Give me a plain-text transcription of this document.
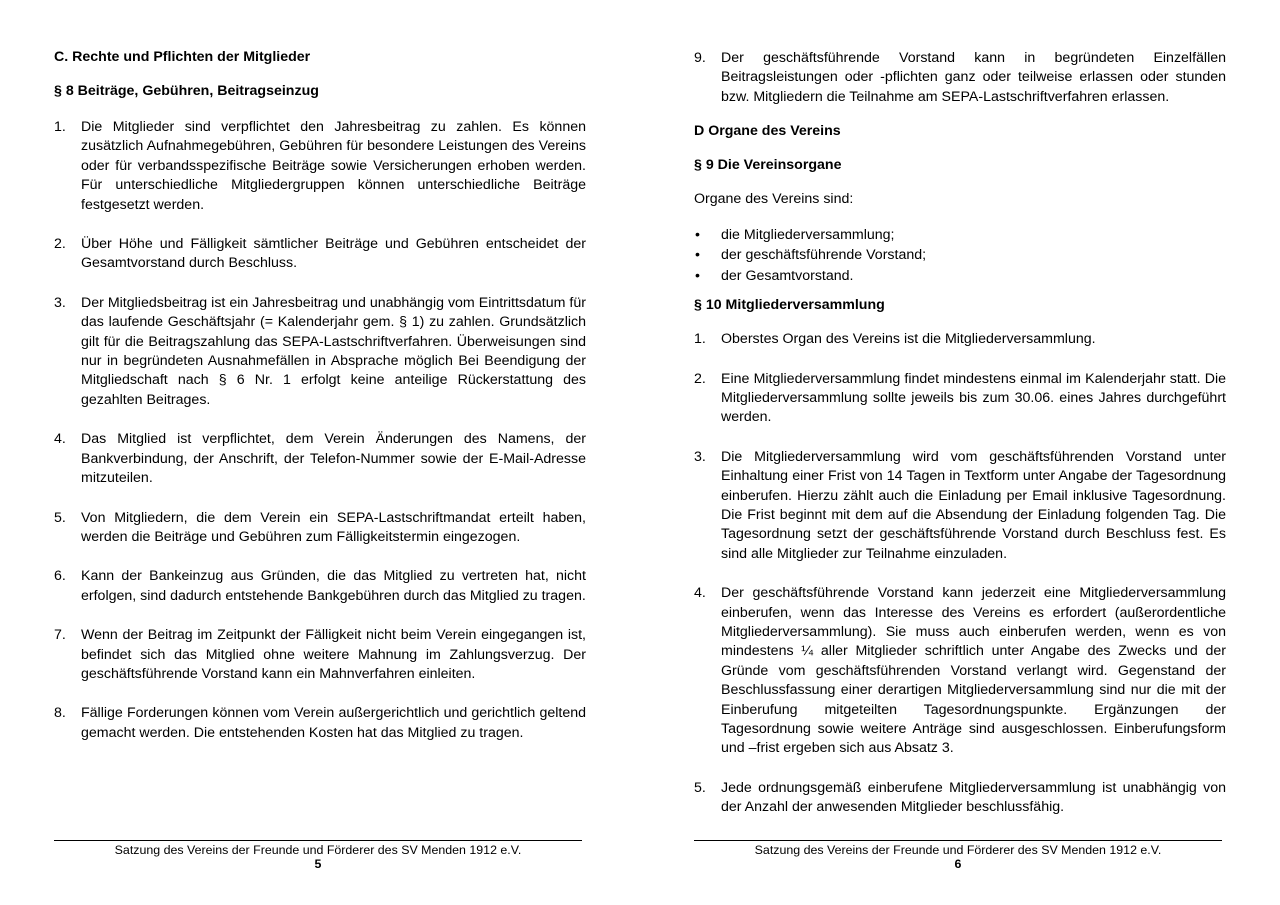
C. Rechte und Pflichten der Mitglieder
§ 8 Beiträge, Gebühren, Beitragseinzug
1. Die Mitglieder sind verpflichtet den Jahresbeitrag zu zahlen. Es können zusätzlich Aufnahmegebühren, Gebühren für besondere Leistungen des Vereins oder für verbandsspezifische Beiträge sowie Versicherungen erhoben werden. Für unterschiedliche Mitgliedergruppen können unterschiedliche Beiträge festgesetzt werden.
2. Über Höhe und Fälligkeit sämtlicher Beiträge und Gebühren entscheidet der Gesamtvorstand durch Beschluss.
3. Der Mitgliedsbeitrag ist ein Jahresbeitrag und unabhängig vom Eintrittsdatum für das laufende Geschäftsjahr (= Kalenderjahr gem. § 1) zu zahlen. Grundsätzlich gilt für die Beitragszahlung das SEPA-Lastschriftverfahren. Überweisungen sind nur in begründeten Ausnahmefällen in Absprache möglich Bei Beendigung der Mitgliedschaft nach § 6 Nr. 1 erfolgt keine anteilige Rückerstattung des gezahlten Beitrages.
4. Das Mitglied ist verpflichtet, dem Verein Änderungen des Namens, der Bankverbindung, der Anschrift, der Telefon-Nummer sowie der E-Mail-Adresse mitzuteilen.
5. Von Mitgliedern, die dem Verein ein SEPA-Lastschriftmandat erteilt haben, werden die Beiträge und Gebühren zum Fälligkeitstermin eingezogen.
6. Kann der Bankeinzug aus Gründen, die das Mitglied zu vertreten hat, nicht erfolgen, sind dadurch entstehende Bankgebühren durch das Mitglied zu tragen.
7. Wenn der Beitrag im Zeitpunkt der Fälligkeit nicht beim Verein eingegangen ist, befindet sich das Mitglied ohne weitere Mahnung im Zahlungsverzug. Der geschäftsführende Vorstand kann ein Mahnverfahren einleiten.
8. Fällige Forderungen können vom Verein außergerichtlich und gerichtlich geltend gemacht werden. Die entstehenden Kosten hat das Mitglied zu tragen.
Satzung des Vereins der Freunde und Förderer des SV Menden 1912 e.V.
5
9. Der geschäftsführende Vorstand kann in begründeten Einzelfällen Beitragsleistungen oder -pflichten ganz oder teilweise erlassen oder stunden bzw. Mitgliedern die Teilnahme am SEPA-Lastschriftverfahren erlassen.
D Organe des Vereins
§ 9 Die Vereinsorgane
Organe des Vereins sind:
• die Mitgliederversammlung;
• der geschäftsführende Vorstand;
• der Gesamtvorstand.
§ 10 Mitgliederversammlung
1. Oberstes Organ des Vereins ist die Mitgliederversammlung.
2. Eine Mitgliederversammlung findet mindestens einmal im Kalenderjahr statt. Die Mitgliederversammlung sollte jeweils bis zum 30.06. eines Jahres durchgeführt werden.
3. Die Mitgliederversammlung wird vom geschäftsführenden Vorstand unter Einhaltung einer Frist von 14 Tagen in Textform unter Angabe der Tagesordnung einberufen. Hierzu zählt auch die Einladung per Email inklusive Tagesordnung. Die Frist beginnt mit dem auf die Absendung der Einladung folgenden Tag. Die Tagesordnung setzt der geschäftsführende Vorstand durch Beschluss fest. Es sind alle Mitglieder zur Teilnahme einzuladen.
4. Der geschäftsführende Vorstand kann jederzeit eine Mitgliederversammlung einberufen, wenn das Interesse des Vereins es erfordert (außerordentliche Mitgliederversammlung). Sie muss auch einberufen werden, wenn es von mindestens ¼ aller Mitglieder schriftlich unter Angabe des Zwecks und der Gründe vom geschäftsführenden Vorstand verlangt wird. Gegenstand der Beschlussfassung einer derartigen Mitgliederversammlung sind nur die mit der Einberufung mitgeteilten Tagesordnungspunkte. Ergänzungen der Tagesordnung sowie weitere Anträge sind ausgeschlossen. Einberufungsform und –frist ergeben sich aus Absatz 3.
5. Jede ordnungsgemäß einberufene Mitgliederversammlung ist unabhängig von der Anzahl der anwesenden Mitglieder beschlussfähig.
Satzung des Vereins der Freunde und Förderer des SV Menden 1912 e.V.
6
